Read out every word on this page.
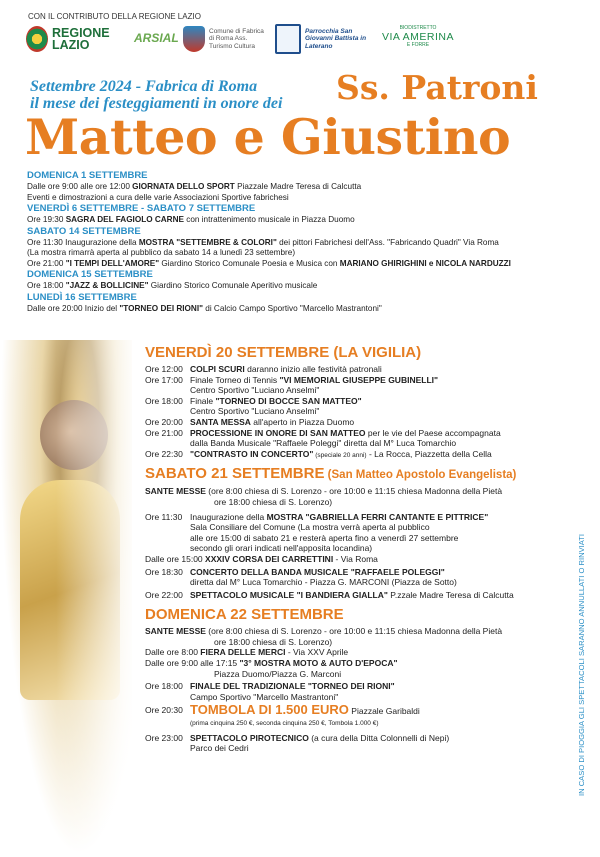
CON IL CONTRIBUTO DELLA REGIONE LAZIO
REGIONE LAZIO	ARSIAL	Comune di Fabrica di Roma Ass. Turismo Cultura
Parrocchia San Giovanni Battista in Laterano
BIODISTRETTO
VIA AMERINA
E FORRE
Settembre 2024 - Fabrica di Roma
il mese dei festeggiamenti in onore dei Ss. Patroni
Matteo e Giustino
DOMENICA 1 SETTEMBRE
Dalle ore 9:00 alle ore 12:00 GIORNATA DELLO SPORT Piazzale Madre Teresa di Calcutta
Eventi e dimostrazioni a cura delle varie Associazioni Sportive fabrichesi
VENERDÌ 6 SETTEMBRE - SABATO 7 SETTEMBRE
Ore 19:30 SAGRA DEL FAGIOLO CARNE con intrattenimento musicale in Piazza Duomo
SABATO 14 SETTEMBRE
Ore 11:30 Inaugurazione della MOSTRA "SETTEMBRE & COLORI" dei pittori Fabrichesi dell'Ass. "Fabricando Quadri" Via Roma
(La mostra rimarrà aperta al pubblico da sabato 14 a lunedì 23 settembre)
Ore 21:00 "I TEMPI DELL'AMORE" Giardino Storico Comunale Poesia e Musica con MARIANO GHIRIGHINI e NICOLA NARDUZZI
DOMENICA 15 SETTEMBRE
Ore 18:00 "JAZZ & BOLLICINE" Giardino Storico Comunale Aperitivo musicale
LUNEDÌ 16 SETTEMBRE
Dalle ore 20:00 Inizio del "TORNEO DEI RIONI" di Calcio Campo Sportivo "Marcello Mastrantoni"
VENERDÌ 20 SETTEMBRE (LA VIGILIA)
Ore 12:00 COLPI SCURI daranno inizio alle festività patronali
Ore 17:00 Finale Torneo di Tennis "VI MEMORIAL GIUSEPPE GUBINELLI"
Centro Sportivo "Luciano Anselmi"
Ore 18:00 Finale "TORNEO DI BOCCE SAN MATTEO"
Centro Sportivo "Luciano Anselmi"
Ore 20:00 SANTA MESSA all'aperto in Piazza Duomo
Ore 21:00 PROCESSIONE IN ONORE DI SAN MATTEO per le vie del Paese accompagnata
dalla Banda Musicale "Raffaele Poleggi" diretta dal M° Luca Tomarchio
Ore 22:30 "CONTRASTO IN CONCERTO" (speciale 20 anni) - La Rocca, Piazzetta della Cella
SABATO 21 SETTEMBRE (San Matteo Apostolo Evangelista)
SANTE MESSE (ore 8:00 chiesa di S. Lorenzo - ore 10:00 e 11:15 chiesa Madonna della Pietà
ore 18:00 chiesa di S. Lorenzo)
Ore 11:30 Inaugurazione della MOSTRA "GABRIELLA FERRI CANTANTE E PITTRICE"
Sala Consiliare del Comune (La mostra verrà aperta al pubblico
alle ore 15:00 di sabato 21 e resterà aperta fino a venerdì 27 settembre
secondo gli orari indicati nell'apposita locandina)
Dalle ore 15:00 XXXIV CORSA DEI CARRETTINI - Via Roma
Ore 18:30 CONCERTO DELLA BANDA MUSICALE "RAFFAELE POLEGGI"
diretta dal M° Luca Tomarchio - Piazza G. MARCONI (Piazza de Sotto)
Ore 22:00 SPETTACOLO MUSICALE "I BANDIERA GIALLA" P.zzale Madre Teresa di Calcutta
DOMENICA 22 SETTEMBRE
SANTE MESSE (ore 8:00 chiesa di S. Lorenzo - ore 10:00 e 11:15 chiesa Madonna della Pietà
ore 18:00 chiesa di S. Lorenzo)
Dalle ore 8:00 FIERA DELLE MERCI - Via XXV Aprile
Dalle ore 9:00 alle 17:15 "3° MOSTRA MOTO & AUTO D'EPOCA"
Piazza Duomo/Piazza G. Marconi
Ore 18:00 FINALE DEL TRADIZIONALE "TORNEO DEI RIONI"
Campo Sportivo "Marcello Mastrantoni"
Ore 20:30 TOMBOLA DI 1.500 EURO Piazzale Garibaldi
(prima cinquina 250 €, seconda cinquina 250 €, Tombola 1.000 €)
Ore 23:00 SPETTACOLO PIROTECNICO (a cura della Ditta Colonnelli di Nepi)
Parco dei Cedri	IN CASO DI PIOGGIA GLI SPETTACOLI SARANNO ANNULLATI O RINVIATI
